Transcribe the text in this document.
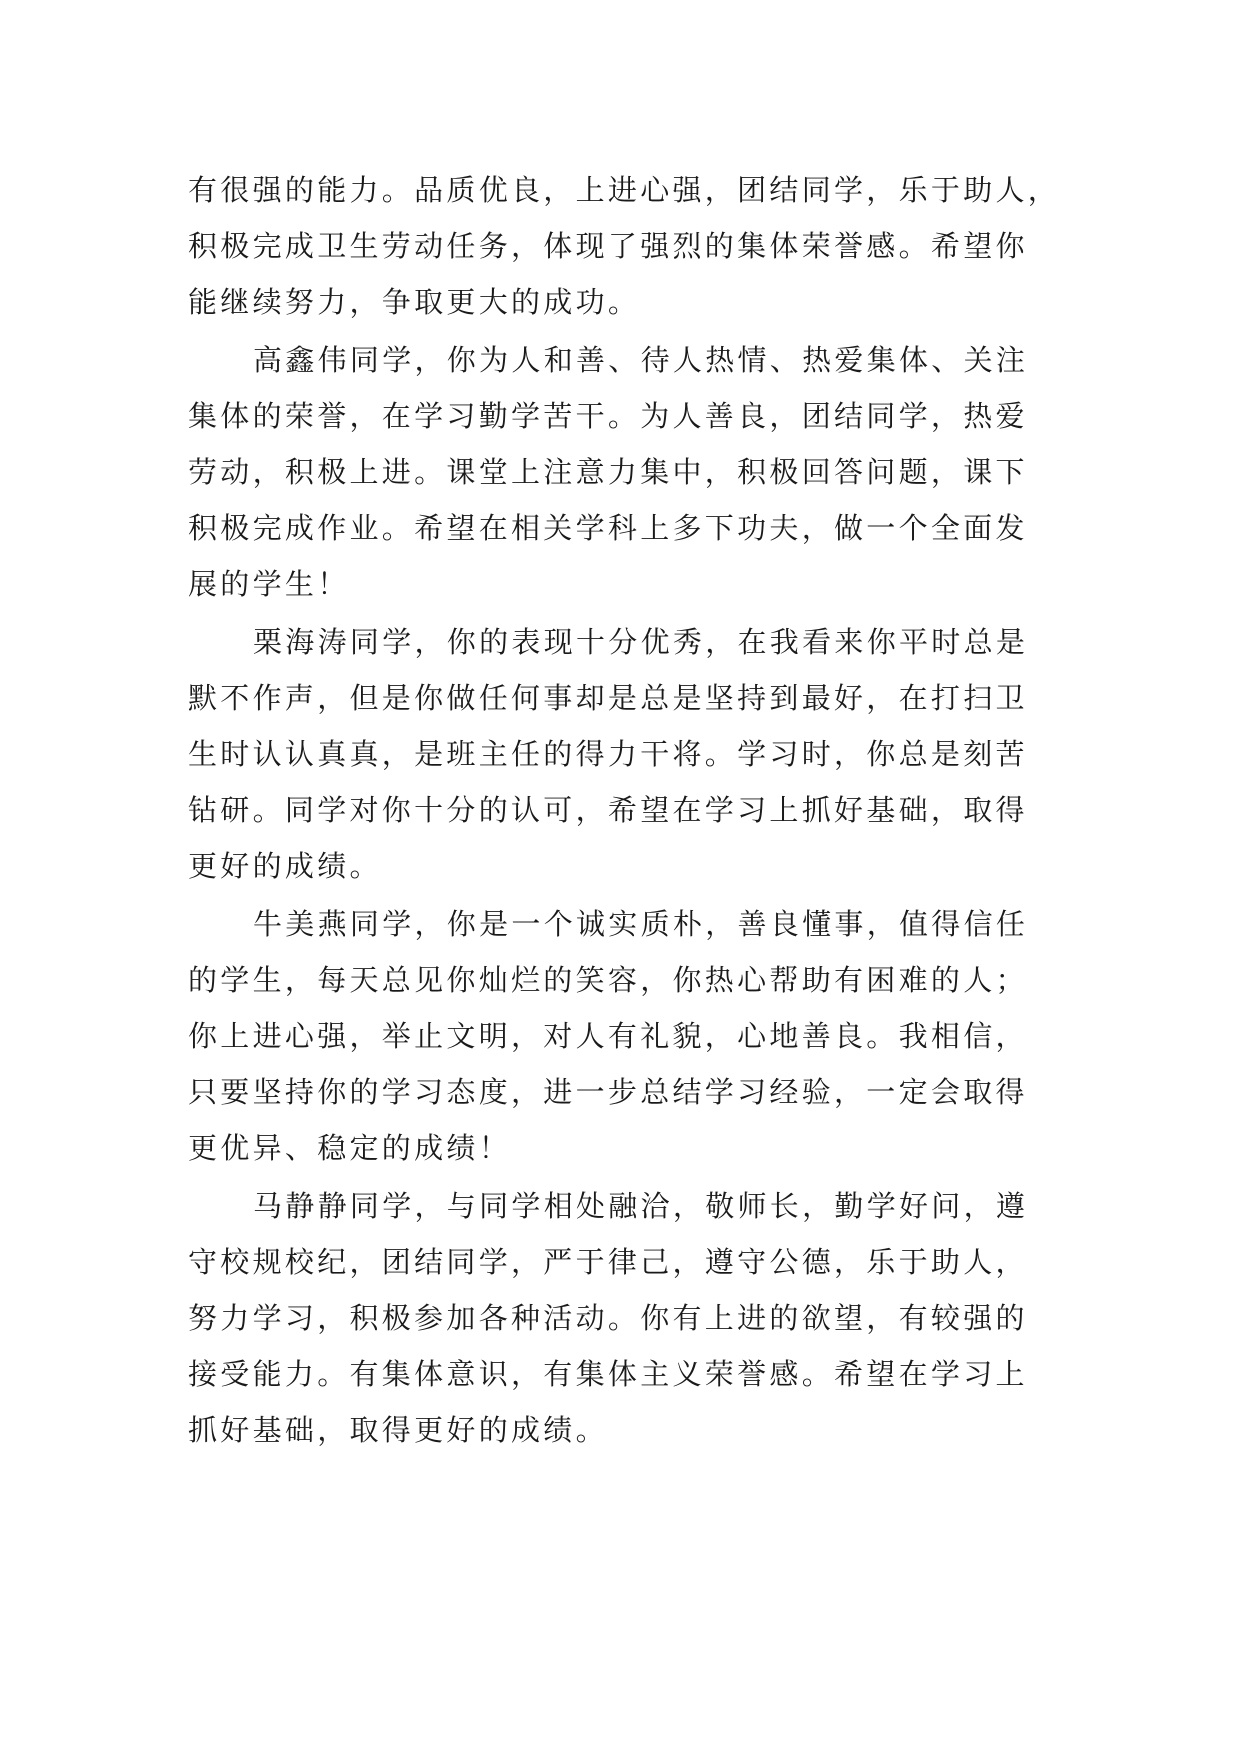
有很强的能力。品质优良，上进心强，团结同学，乐于助人，
积极完成卫生劳动任务，体现了强烈的集体荣誉感。希望你
能继续努力，争取更大的成功。
高鑫伟同学，你为人和善、待人热情、热爱集体、关注
集体的荣誉，在学习勤学苦干。为人善良，团结同学，热爱
劳动，积极上进。课堂上注意力集中，积极回答问题，课下
积极完成作业。希望在相关学科上多下功夫，做一个全面发
展的学生！
栗海涛同学，你的表现十分优秀，在我看来你平时总是
默不作声，但是你做任何事却是总是坚持到最好，在打扫卫
生时认认真真，是班主任的得力干将。学习时，你总是刻苦
钻研。同学对你十分的认可，希望在学习上抓好基础，取得
更好的成绩。
牛美燕同学，你是一个诚实质朴，善良懂事，值得信任
的学生，每天总见你灿烂的笑容，你热心帮助有困难的人；
你上进心强，举止文明，对人有礼貌，心地善良。我相信，
只要坚持你的学习态度，进一步总结学习经验，一定会取得
更优异、稳定的成绩！
马静静同学，与同学相处融洽，敬师长，勤学好问，遵
守校规校纪，团结同学，严于律己，遵守公德，乐于助人，
努力学习，积极参加各种活动。你有上进的欲望，有较强的
接受能力。有集体意识，有集体主义荣誉感。希望在学习上
抓好基础，取得更好的成绩。
